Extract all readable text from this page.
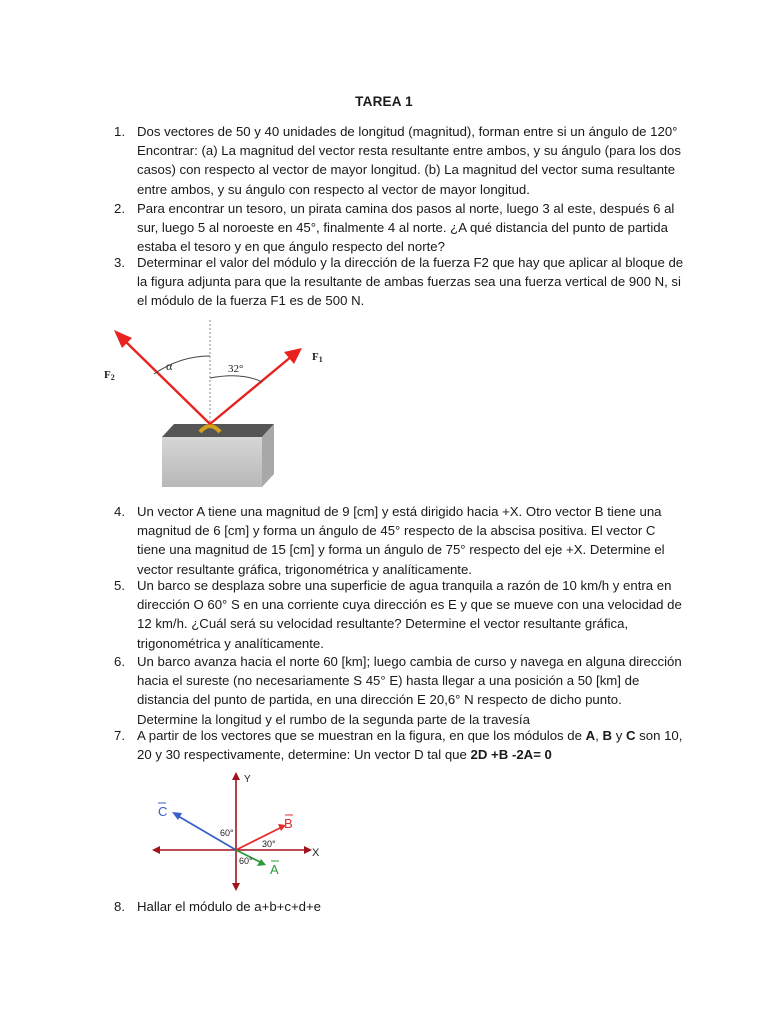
TAREA 1
1. Dos vectores de 50 y 40 unidades de longitud (magnitud), forman entre si un ángulo de 120° Encontrar: (a) La magnitud del vector resta resultante entre ambos, y su ángulo (para los dos casos) con respecto al vector de mayor longitud. (b) La magnitud del vector suma resultante entre ambos, y su ángulo con respecto al vector de mayor longitud.
2. Para encontrar un tesoro, un pirata camina dos pasos al norte, luego 3 al este, después 6 al sur, luego 5 al noroeste en 45°, finalmente 4 al norte. ¿A qué distancia del punto de partida estaba el tesoro y en que ángulo respecto del norte?
3. Determinar el valor del módulo y la dirección de la fuerza F2 que hay que aplicar al bloque de la figura adjunta para que la resultante de ambas fuerzas sea una fuerza vertical de 900 N, si el módulo de la fuerza F1 es de 500 N.
α	32°
F1
F2
4. Un vector A tiene una magnitud de 9 [cm] y está dirigido hacia +X. Otro vector B tiene una magnitud de 6 [cm] y forma un ángulo de 45° respecto de la abscisa positiva. El vector C tiene una magnitud de 15 [cm] y forma un ángulo de 75° respecto del eje +X. Determine el vector resultante gráfica, trigonométrica y analíticamente.
5. Un barco se desplaza sobre una superficie de agua tranquila a razón de 10 km/h y entra en dirección O 60° S en una corriente cuya dirección es E y que se mueve con una velocidad de 12 km/h. ¿Cuál será su velocidad resultante? Determine el vector resultante gráfica, trigonométrica y analíticamente.
6. Un barco avanza hacia el norte 60 [km]; luego cambia de curso y navega en alguna dirección hacia el sureste (no necesariamente S 45° E) hasta llegar a una posición a 50 [km] de distancia del punto de partida, en una dirección E 20,6° N respecto de dicho punto. Determine la longitud y el rumbo de la segunda parte de la travesía
7. A partir de los vectores que se muestran en la figura, en que los módulos de A, B y C son 10, 20 y 30 respectivamente, determine: Un vector D tal que 2D +B -2A= 0
Y
X
C
B
A
60°
30°
60°
8. Hallar el módulo de a+b+c+d+e
